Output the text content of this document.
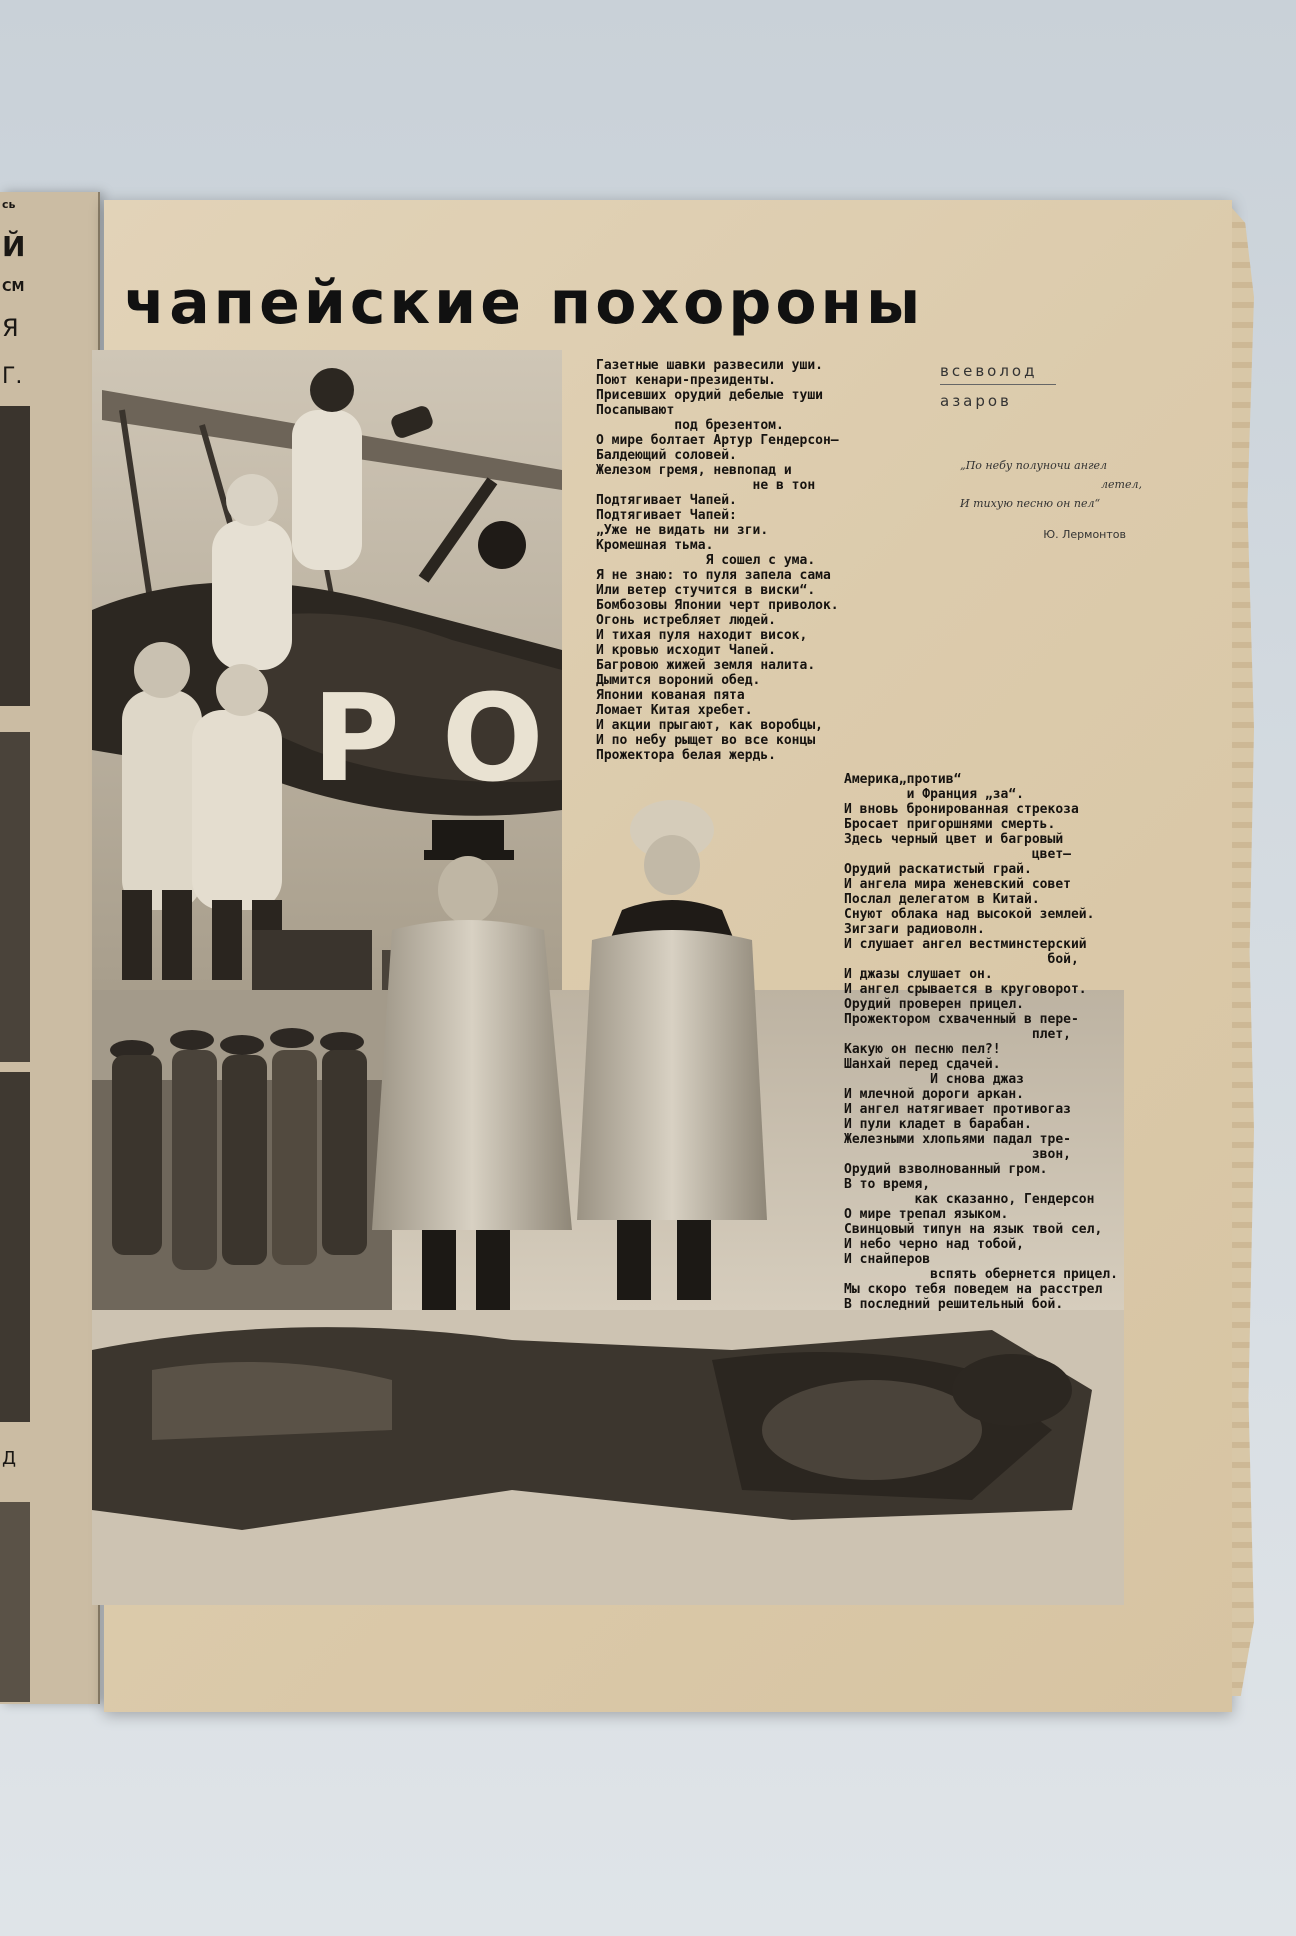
сь
Й
СМ
Я
Г.
Д
P O
чапейские похороны
всеволод
азаров
„По небу полуночи ангел
летел,
И тихую песню он пел“
Ю. Лермонтов
Газетные шавки развесили уши.
Поют кенари-президенты.
Присевших орудий дебелые туши
Посапывают
под брезентом.
О мире болтает Артур Гендерсон—
Балдеющий соловей.
Железом гремя, невпопад и
не в тон
Подтягивает Чапей.
Подтягивает Чапей:
„Уже не видать ни зги.
Кромешная тьма.
Я сошел с ума.
Я не знаю: то пуля запела сама
Или ветер стучится в виски“.
Бомбозовы Японии черт приволок.
Огонь истребляет людей.
И тихая пуля находит висок,
И кровью исходит Чапей.
Багровою жижей земля налита.
Дымится вороний обед.
Японии кованая пята
Ломает Китая хребет.
И акции прыгают, как воробцы,
И по небу рыщет во все концы
Прожектора белая жердь.
Америка„против“
и Франция „за“.
И вновь бронированная стрекоза
Бросает пригоршнями смерть.
Здесь черный цвет и багровый
цвет—
Орудий раскатистый грай.
И ангела мира женевский совет
Послал делегатом в Китай.
Снуют облака над высокой землей.
Зигзаги радиоволн.
И слушает ангел вестминстерский
бой,
И джазы слушает он.
И ангел срывается в круговорот.
Орудий проверен прицел.
Прожектором схваченный в пере-
плет,
Какую он песню пел?!
Шанхай перед сдачей.
И снова джаз
И млечной дороги аркан.
И ангел натягивает противогаз
И пули кладет в барабан.
Железными хлопьями падал тре-
звон,
Орудий взволнованный гром.
В то время,
как сказанно, Гендерсон
О мире трепал языком.
Свинцовый типун на язык твой сел,
И небо черно над тобой,
И снайперов
вспять обернется прицел.
Мы скоро тебя поведем на расстрел
В последний решительный бой.
